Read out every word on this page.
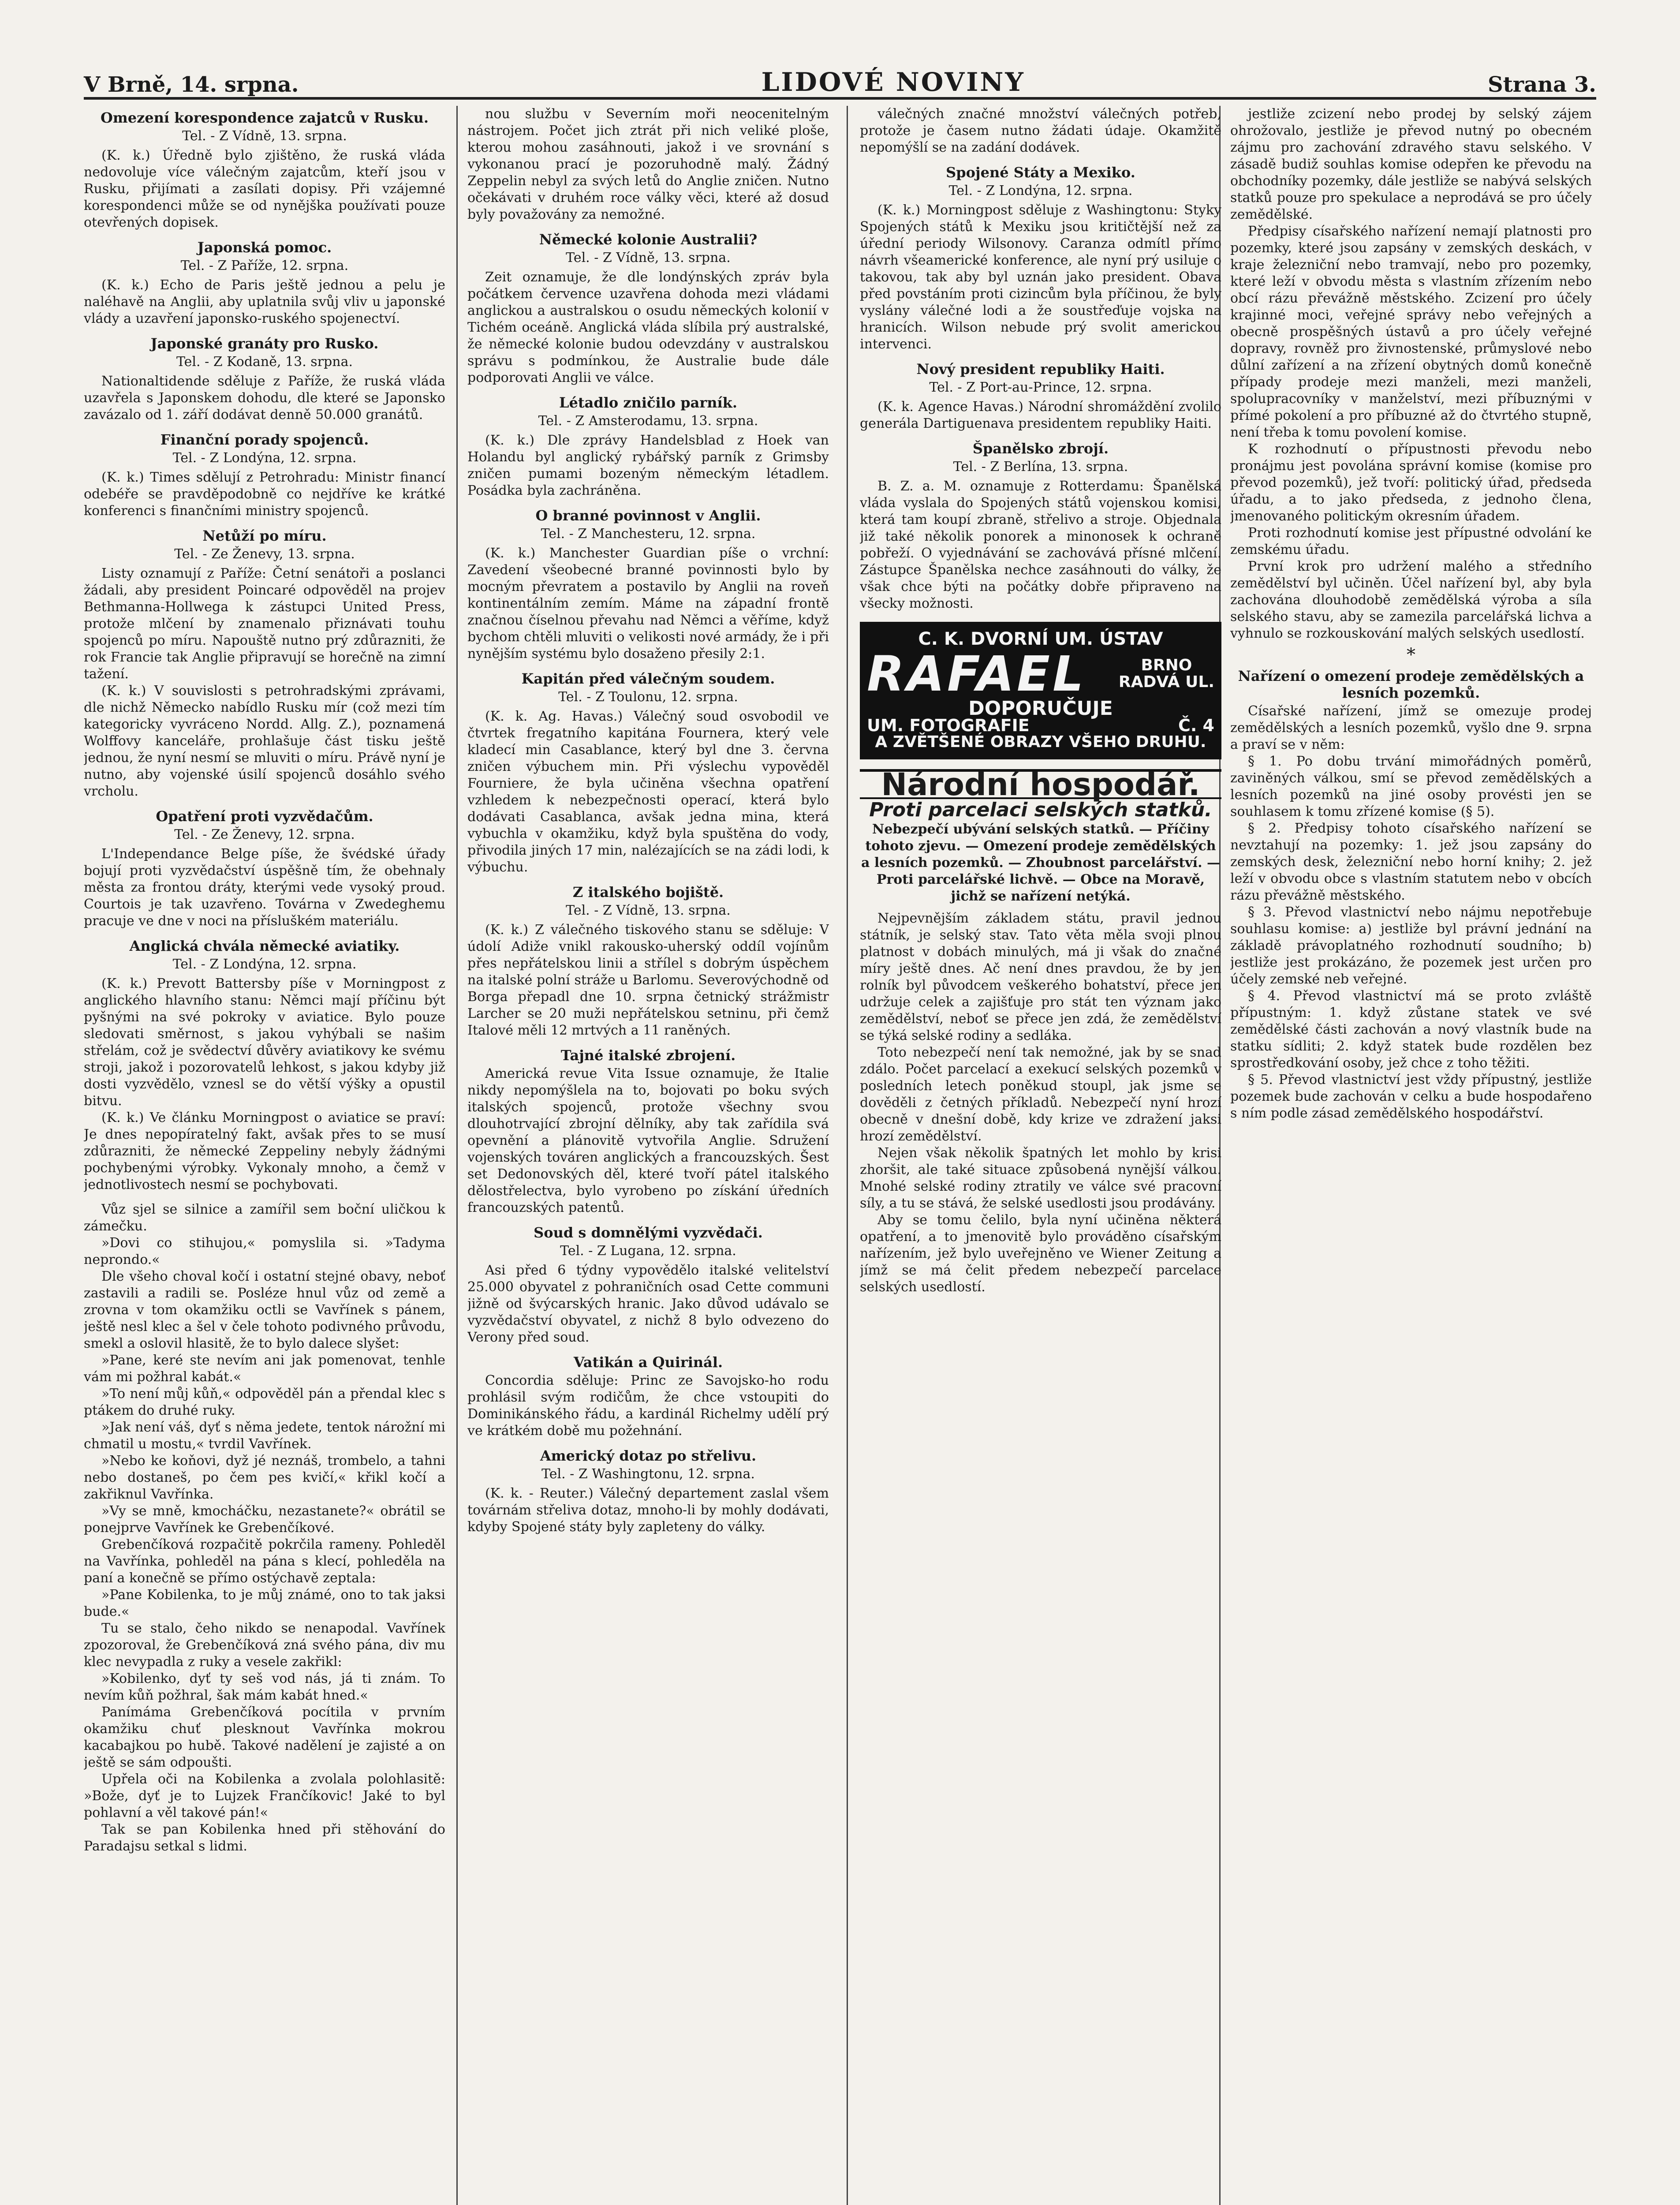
V Brně, 14. srpna.	LIDOVÉ NOVINY	Strana 3.
Omezení korespondence zajatců v Rusku.
Tel. - Z Vídně, 13. srpna.

(K. k.) Úředně bylo zjištěno, že ruská vláda nedovoluje více válečným zajatcům, kteří jsou v Rusku, přijímati a zasílati dopisy. Při vzájemné korespondenci může se od nynějška používati pouze otevřených dopisek.

Japonská pomoc.
Tel. - Z Paříže, 12. srpna.

(K. k.) Echo de Paris ještě jednou a pelu je naléhavě na Anglii, aby uplatnila svůj vliv u japonské vlády a uzavření japonsko-ruského spojenectví.

Japonské granáty pro Rusko.
Tel. - Z Kodaně, 13. srpna.

Nationaltidende sděluje z Paříže, že ruská vláda uzavřela s Japonskem dohodu, dle které se Japonsko zavázalo od 1. září dodávat denně 50.000 granátů.

Finanční porady spojenců.
Tel. - Z Londýna, 12. srpna.

(K. k.) Times sdělují z Petrohradu: Ministr financí odebéře se pravděpodobně co nejdříve ke krátké konferenci s finančními ministry spojenců.

Netůží po míru.
Tel. - Ze Ženevy, 13. srpna.

Listy oznamují z Paříže: Četní senátoři a poslanci žádali, aby president Poincaré odpověděl na projev Bethmanna-Hollwega k zástupci United Press, protože mlčení by znamenalo přiznávati touhu spojenců po míru. Napouště nutno prý zdůrazniti, že rok Francie tak Anglie připravují se horečně na zimní tažení.

(K. k.) V souvislosti s petrohradskými zprávami, dle nichž Německo nabídlo Rusku mír (což mezi tím kategoricky vyvráceno Nordd. Allg. Z.), poznamená Wolffovy kanceláře, prohlašuje část tisku ještě jednou, že nyní nesmí se mluviti o míru. Právě nyní je nutno, aby vojenské úsilí spojenců dosáhlo svého vrcholu.

Opatření proti vyzvědačům.
Tel. - Ze Ženevy, 12. srpna.

L'Independance Belge píše, že švédské úřady bojují proti vyzvědačství úspěšně tím, že obehnaly města za frontou dráty, kterými vede vysoký proud. Courtois je tak uzavřeno. Továrna v Zwedeghemu pracuje ve dne v noci na přísluškém materiálu.

Anglická chvála německé aviatiky.
Tel. - Z Londýna, 12. srpna.

(K. k.) Prevott Battersby píše v Morningpost z anglického hlavního stanu: Němci mají příčinu být pyšnými na své pokroky v aviatice. Bylo pouze sledovati směrnost, s jakou vyhýbali se našim střelám, což je svědectví důvěry aviatikovy ke svému stroji, jakož i pozorovatelů lehkost, s jakou kdyby již dosti vyzvědělo, vznesl se do větší výšky a opustil bitvu.

(K. k.) Ve článku Morningpost o aviatice se praví: Je dnes nepopíratelný fakt, avšak přes to se musí zdůrazniti, že německé Zeppeliny nebyly žádnými pochybenými výrobky. Vykonaly mnoho, a čemž v jednotlivostech nesmí se pochybovati.

Vůz sjel se silnice a zamířil sem boční uličkou k zámečku.

»Dovi co stihujou,« pomyslila si. »Tadyma neprondo.«

Dle všeho choval kočí i ostatní stejné obavy, neboť zastavili a radili se. Posléze hnul vůz od země a zrovna v tom okamžiku octli se Vavřínek s pánem, ještě nesl klec a šel v čele tohoto podivného průvodu, smekl a oslovil hlasitě, že to bylo dalece slyšet:

»Pane, keré ste nevím ani jak pomenovat, tenhle vám mi požhral kabát.«

»To není můj kůň,« odpověděl pán a přendal klec s ptákem do druhé ruky.

»Jak není váš, dyť s něma jedete, tentok nárožní mi chmatil u mostu,« tvrdil Vavřínek.

»Nebo ke koňovi, dyž jé neznáš, trombelo, a tahni nebo dostaneš, po čem pes kvičí,« křikl kočí a zakřiknul Vavřínka.

»Vy se mně, kmocháčku, nezastanete?« obrátil se ponejprve Vavřínek ke Grebenčíkové.

Grebenčíková rozpačitě pokrčila rameny. Pohleděl na Vavřínka, pohleděl na pána s klecí, pohleděla na paní a konečně se přímo ostýchavě zeptala:

»Pane Kobilenka, to je můj známé, ono to tak jaksi bude.«

Tu se stalo, čeho nikdo se nenapodal. Vavřínek zpozoroval, že Grebenčíková zná svého pána, div mu klec nevypadla z ruky a vesele zakřikl:

»Kobilenko, dyť ty seš vod nás, já ti znám. To nevím kůň požhral, šak mám kabát hned.«

Panímáma Grebenčíková pocítila v prvním okamžiku chuť plesknout Vavřínka mokrou kacabajkou po hubě. Takové nadělení je zajisté a on ještě se sám odpoušti.

Upřela oči na Kobilenka a zvolala polohlasitě: »Bože, dyť je to Lujzek Frančíkovic! Jaké to byl pohlavní a věl takové pán!«

Tak se pan Kobilenka hned při stěhování do Paradajsu setkal s lidmi.

nou službu v Severním moři neocenitelným nástrojem. Počet jich ztrát při nich veliké ploše, kterou mohou zasáhnouti, jakož i ve srovnání s vykonanou prací je pozoruhodně malý. Žádný Zeppelin nebyl za svých letů do Anglie zničen. Nutno očekávati v druhém roce války věci, které až dosud byly považovány za nemožné.

Německé kolonie Australii?
Tel. - Z Vídně, 13. srpna.

Zeit oznamuje, že dle londýnských zpráv byla počátkem července uzavřena dohoda mezi vládami anglickou a australskou o osudu německých kolonií v Tichém oceáně. Anglická vláda slíbila prý australské, že německé kolonie budou odevzdány v australskou správu s podmínkou, že Australie bude dále podporovati Anglii ve válce.

Létadlo zničilo parník.
Tel. - Z Amsterodamu, 13. srpna.

(K. k.) Dle zprávy Handelsblad z Hoek van Holandu byl anglický rybářský parník z Grimsby zničen pumami bozeným německým létadlem. Posádka byla zachráněna.

O branné povinnost v Anglii.
Tel. - Z Manchesteru, 12. srpna.

(K. k.) Manchester Guardian píše o vrchní: Zavedení všeobecné branné povinnosti bylo by mocným převratem a postavilo by Anglii na roveň kontinentálním zemím. Máme na západní frontě značnou číselnou převahu nad Němci a věříme, když bychom chtěli mluviti o velikosti nové armády, že i při nynějším systému bylo dosaženo přesily 2:1.

Kapitán před válečným soudem.
Tel. - Z Toulonu, 12. srpna.

(K. k. Ag. Havas.) Válečný soud osvobodil ve čtvrtek fregatního kapitána Fournera, který vele kladecí min Casablance, který byl dne 3. června zničen výbuchem min. Při výslechu vypověděl Fourniere, že byla učiněna všechna opatření vzhledem k nebezpečnosti operací, která bylo dodávati Casablanca, avšak jedna mina, která vybuchla v okamžiku, když byla spuštěna do vody, přivodila jiných 17 min, nalézajících se na zádi lodi, k výbuchu.

Z italského bojiště.
Tel. - Z Vídně, 13. srpna.

(K. k.) Z válečného tiskového stanu se sděluje: V údolí Adiže vnikl rakousko-uherský oddíl vojínům přes nepřátelskou linii a střílel s dobrým úspěchem na italské polní stráže u Barlomu. Severovýchodně od Borga přepadl dne 10. srpna četnický strážmistr Larcher se 20 muži nepřátelskou setninu, při čemž Italové měli 12 mrtvých a 11 raněných.

Tajné italské zbrojení.

Americká revue Vita Issue oznamuje, že Italie nikdy nepomýšlela na to, bojovati po boku svých italských spojenců, protože všechny svou dlouhotrvající zbrojní dělníky, aby tak zařídila svá opevnění a plánovitě vytvořila Anglie. Sdružení vojenských továren anglických a francouzských. Šest set Dedonovských děl, které tvoří pátel italského dělostřelectva, bylo vyrobeno po získání úředních francouzských patentů.

Soud s domnělými vyzvědači.
Tel. - Z Lugana, 12. srpna.

Asi před 6 týdny vypovědělo italské velitelství 25.000 obyvatel z pohraničních osad Cette communi jižně od švýcarských hranic. Jako důvod udávalo se vyzvědačství obyvatel, z nichž 8 bylo odvezeno do Verony před soud.

Vatikán a Quirinál.

Concordia sděluje: Princ ze Savojsko-ho rodu prohlásil svým rodičům, že chce vstoupiti do Dominikánského řádu, a kardinál Richelmy udělí prý ve krátkém době mu požehnání.

Americký dotaz po střelivu.
Tel. - Z Washingtonu, 12. srpna.

(K. k. - Reuter.) Válečný departement zaslal všem továrnám střeliva dotaz, mnoho-li by mohly dodávati, kdyby Spojené státy byly zapleteny do války.

válečných značné množství válečných potřeb, protože je časem nutno žádati údaje. Okamžitě nepomýšlí se na zadání dodávek.

Spojené Státy a Mexiko.
Tel. - Z Londýna, 12. srpna.

(K. k.) Morningpost sděluje z Washingtonu: Styky Spojených států k Mexiku jsou kritičtější než za úřední periody Wilsonovy. Caranza odmítl přímo návrh všeamerické konference, ale nyní prý usiluje o takovou, tak aby byl uznán jako president. Obava před povstáním proti cizincům byla příčinou, že byly vyslány válečné lodi a že soustřeďuje vojska na hranicích. Wilson nebude prý svolit americkou intervenci.

Nový president republiky Haiti.
Tel. - Z Port-au-Prince, 12. srpna.

(K. k. Agence Havas.) Národní shromáždění zvolilo generála Dartiguenava presidentem republiky Haiti.

Španělsko zbrojí.
Tel. - Z Berlína, 13. srpna.

B. Z. a. M. oznamuje z Rotterdamu: Španělská vláda vyslala do Spojených států vojenskou komisi, která tam koupí zbraně, střelivo a stroje. Objednala již také několik ponorek a minonosek k ochraně pobřeží. O vyjednávání se zachovává přísné mlčení. Zástupce Španělska nechce zasáhnouti do války, že však chce býti na počátky dobře připraveno na všecky možnosti.

C. K. DVORNÍ UM. ÚSTAV
RAFAEL	BRNO
RADVÁ UL.
DOPORUČUJE
UM. FOTOGRAFIE	Č. 4
A ZVĚTŠENÉ OBRAZY VŠEHO DRUHU.
Národní hospodář.
Proti parcelaci selských statků.
Nebezpečí ubývání selských statků. — Příčiny tohoto zjevu. — Omezení prodeje zemědělských a lesních pozemků. — Zhoubnost parcelářství. — Proti parcelářské lichvě. — Obce na Moravě, jichž se nařízení netýká.

Nejpevnějším základem státu, pravil jednou státník, je selský stav. Tato věta měla svoji plnou platnost v dobách minulých, má ji však do značné míry ještě dnes. Ač není dnes pravdou, že by jen rolník byl původcem veškerého bohatství, přece jen udržuje celek a zajišťuje pro stát ten význam jako zemědělství, neboť se přece jen zdá, že zemědělství se týká selské rodiny a sedláka.

Toto nebezpečí není tak nemožné, jak by se snad zdálo. Počet parcelací a exekucí selských pozemků v posledních letech poněkud stoupl, jak jsme se dověděli z četných příkladů. Nebezpečí nyní hrozí obecně v dnešní době, kdy krize ve zdražení jaksi hrozí zemědělství.

Nejen však několik špatných let mohlo by krisi zhoršit, ale také situace způsobená nynější válkou. Mnohé selské rodiny ztratily ve válce své pracovní síly, a tu se stává, že selské usedlosti jsou prodávány.

Aby se tomu čelilo, byla nyní učiněna některá opatření, a to jmenovitě bylo prováděno císařským nařízením, jež bylo uveřejněno ve Wiener Zeitung a jímž se má čelit předem nebezpečí parcelace selských usedlostí.

jestliže zcizení nebo prodej by selský zájem ohrožovalo, jestliže je převod nutný po obecném zájmu pro zachování zdravého stavu selského. V zásadě budiž souhlas komise odepřen ke převodu na obchodníky pozemky, dále jestliže se nabývá selských statků pouze pro spekulace a neprodává se pro účely zemědělské.

Předpisy císařského nařízení nemají platnosti pro pozemky, které jsou zapsány v zemských deskách, v kraje železniční nebo tramvají, nebo pro pozemky, které leží v obvodu města s vlastním zřízením nebo obcí rázu převážně městského. Zcizení pro účely krajinné moci, veřejné správy nebo veřejných a obecně prospěšných ústavů a pro účely veřejné dopravy, rovněž pro živnostenské, průmyslové nebo důlní zařízení a na zřízení obytných domů konečně případy prodeje mezi manželi, mezi manželi, spolupracovníky v manželství, mezi příbuznými v přímé pokolení a pro příbuzné až do čtvrtého stupně, není třeba k tomu povolení komise.

K rozhodnutí o přípustnosti převodu nebo pronájmu jest povolána správní komise (komise pro převod pozemků), jež tvoří: politický úřad, předseda úřadu, a to jako předseda, z jednoho člena, jmenovaného politickým okresním úřadem.

Proti rozhodnutí komise jest přípustné odvolání ke zemskému úřadu.

První krok pro udržení malého a středního zemědělství byl učiněn. Účel nařízení byl, aby byla zachována dlouhodobě zemědělská výroba a síla selského stavu, aby se zamezila parcelářská lichva a vyhnulo se rozkouskování malých selských usedlostí.

*
Nařízení o omezení prodeje zemědělských a lesních pozemků.

Císařské nařízení, jímž se omezuje prodej zemědělských a lesních pozemků, vyšlo dne 9. srpna a praví se v něm:

§ 1. Po dobu trvání mimořádných poměrů, zaviněných válkou, smí se převod zemědělských a lesních pozemků na jiné osoby provésti jen se souhlasem k tomu zřízené komise (§ 5).

§ 2. Předpisy tohoto císařského nařízení se nevztahují na pozemky: 1. jež jsou zapsány do zemských desk, železniční nebo horní knihy; 2. jež leží v obvodu obce s vlastním statutem nebo v obcích rázu převážně městského.

§ 3. Převod vlastnictví nebo nájmu nepotřebuje souhlasu komise: a) jestliže byl právní jednání na základě právoplatného rozhodnutí soudního; b) jestliže jest prokázáno, že pozemek jest určen pro účely zemské neb veřejné.

§ 4. Převod vlastnictví má se proto zvláště přípustným: 1. když zůstane statek ve své zemědělské části zachován a nový vlastník bude na statku sídliti; 2. když statek bude rozdělen bez sprostředkování osoby, jež chce z toho těžiti.

§ 5. Převod vlastnictví jest vždy přípustný, jestliže pozemek bude zachován v celku a bude hospodařeno s ním podle zásad zemědělského hospodářství.
